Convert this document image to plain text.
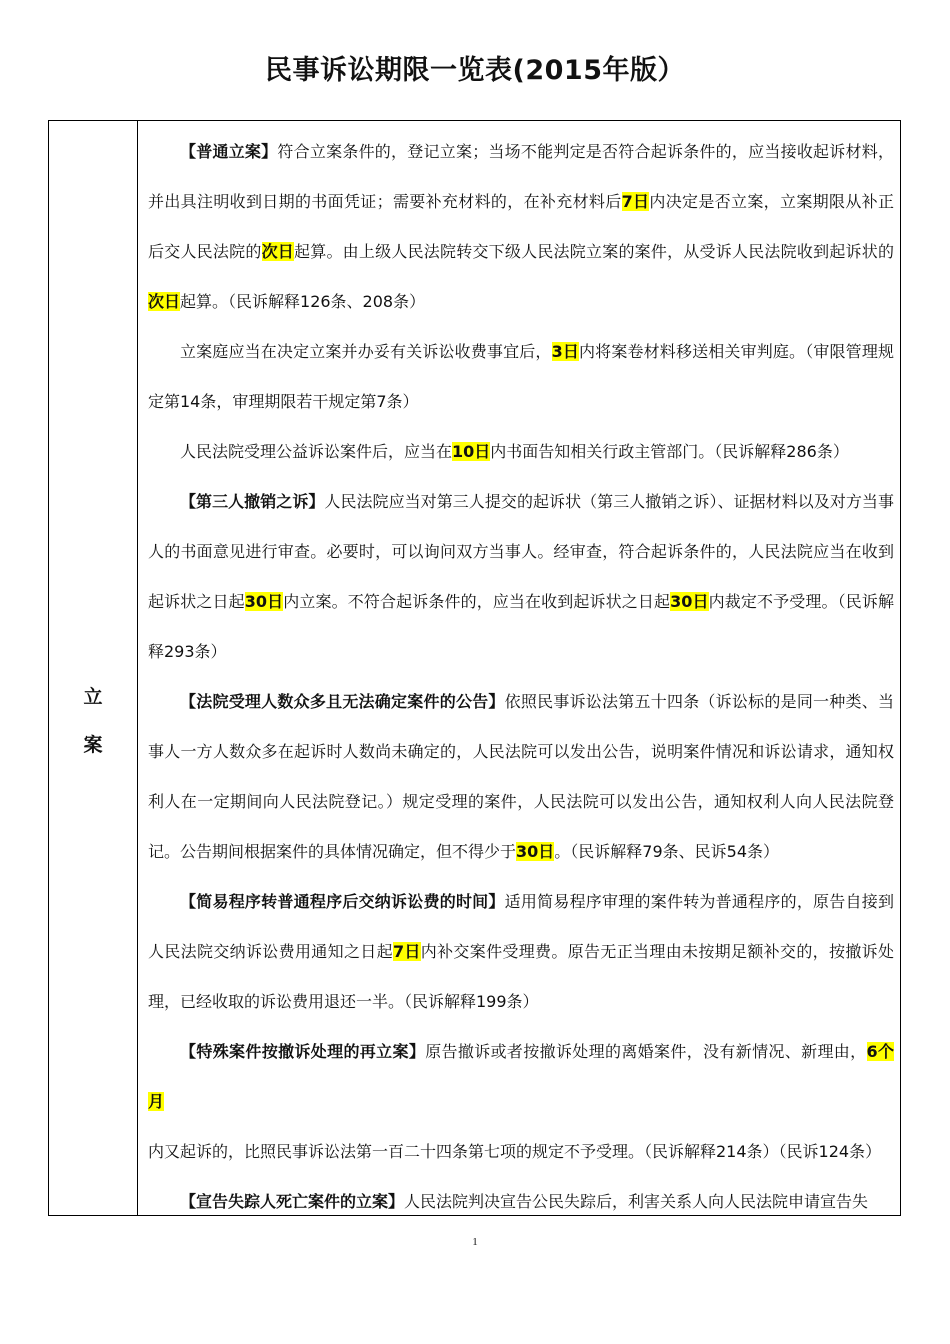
民事诉讼期限一览表(2015年版）
立
案

【普通立案】符合立案条件的，登记立案；当场不能判定是否符合起诉条件的，应当接收起诉材料，并出具注明收到日期的书面凭证；需要补充材料的，在补充材料后7日内决定是否立案，立案期限从补正后交人民法院的次日起算。由上级人民法院转交下级人民法院立案的案件，从受诉人民法院收到起诉状的次日起算。（民诉解释126条、208条）

立案庭应当在决定立案并办妥有关诉讼收费事宜后，3日内将案卷材料移送相关审判庭。（审限管理规定第14条，审理期限若干规定第7条）

人民法院受理公益诉讼案件后，应当在10日内书面告知相关行政主管部门。（民诉解释286条）

【第三人撤销之诉】人民法院应当对第三人提交的起诉状（第三人撤销之诉）、证据材料以及对方当事人的书面意见进行审查。必要时，可以询问双方当事人。经审查，符合起诉条件的，人民法院应当在收到起诉状之日起30日内立案。不符合起诉条件的，应当在收到起诉状之日起30日内裁定不予受理。（民诉解释293条）

【法院受理人数众多且无法确定案件的公告】依照民事诉讼法第五十四条（诉讼标的是同一种类、当事人一方人数众多在起诉时人数尚未确定的，人民法院可以发出公告，说明案件情况和诉讼请求，通知权利人在一定期间向人民法院登记。）规定受理的案件，人民法院可以发出公告，通知权利人向人民法院登记。公告期间根据案件的具体情况确定，但不得少于30日。（民诉解释79条、民诉54条）

【简易程序转普通程序后交纳诉讼费的时间】适用简易程序审理的案件转为普通程序的，原告自接到人民法院交纳诉讼费用通知之日起7日内补交案件受理费。原告无正当理由未按期足额补交的，按撤诉处理，已经收取的诉讼费用退还一半。（民诉解释199条）

【特殊案件按撤诉处理的再立案】原告撤诉或者按撤诉处理的离婚案件，没有新情况、新理由，6个月内又起诉的，比照民事诉讼法第一百二十四条第七项的规定不予受理。（民诉解释214条）（民诉124条）

【宣告失踪人死亡案件的立案】人民法院判决宣告公民失踪后，利害关系人向人民法院申请宣告失

1
